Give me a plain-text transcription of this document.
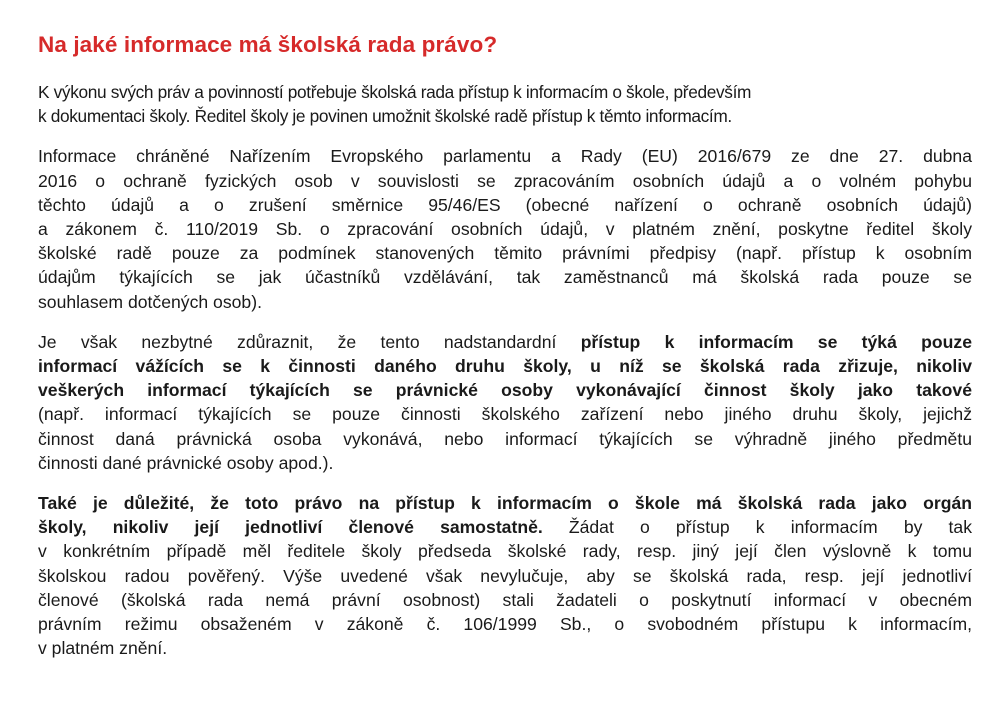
Na jaké informace má školská rada právo?
K výkonu svých práv a povinností potřebuje školská rada přístup k informacím o škole, především
k dokumentaci školy. Ředitel školy je povinen umožnit školské radě přístup k těmto informacím.
Informace chráněné Nařízením Evropského parlamentu a Rady (EU) 2016/679 ze dne 27. dubna
2016 o ochraně fyzických osob v souvislosti se zpracováním osobních údajů a o volném pohybu
těchto údajů a o zrušení směrnice 95/46/ES (obecné nařízení o ochraně osobních údajů)
a zákonem č. 110/2019 Sb. o zpracování osobních údajů, v platném znění, poskytne ředitel školy
školské radě pouze za podmínek stanovených těmito právními předpisy (např. přístup k osobním
údajům týkajících se jak účastníků vzdělávání, tak zaměstnanců má školská rada pouze se
souhlasem dotčených osob).
Je však nezbytné zdůraznit, že tento nadstandardní přístup k informacím se týká pouze
informací vážících se k činnosti daného druhu školy, u níž se školská rada zřizuje, nikoliv
veškerých informací týkajících se právnické osoby vykonávající činnost školy jako takové
(např. informací týkajících se pouze činnosti školského zařízení nebo jiného druhu školy, jejichž
činnost daná právnická osoba vykonává, nebo informací týkajících se výhradně jiného předmětu
činnosti dané právnické osoby apod.).
Také je důležité, že toto právo na přístup k informacím o škole má školská rada jako orgán
školy, nikoliv její jednotliví členové samostatně. Žádat o přístup k informacím by tak
v konkrétním případě měl ředitele školy předseda školské rady, resp. jiný její člen výslovně k tomu
školskou radou pověřený. Výše uvedené však nevylučuje, aby se školská rada, resp. její jednotliví
členové (školská rada nemá právní osobnost) stali žadateli o poskytnutí informací v obecném
právním režimu obsaženém v zákoně č. 106/1999 Sb., o svobodném přístupu k informacím,
v platném znění.
